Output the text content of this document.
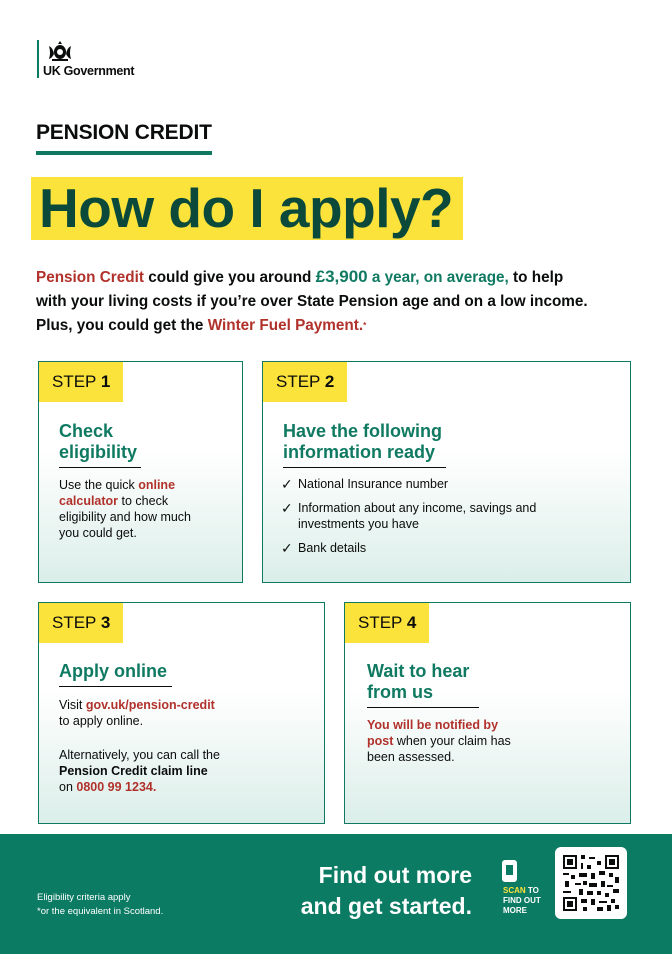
UK Government
PENSION CREDIT
How do I apply?

Pension Credit could give you around £3,900 a year, on average, to help with your living costs if you’re over State Pension age and on a low income. Plus, you could get the Winter Fuel Payment.*

STEP 1
Check
eligibility

Use the quick online calculator to check eligibility and how much you could get.

STEP 2
Have the following
information ready
✓ National Insurance number
✓ Information about any income, savings and investments you have
✓ Bank details
STEP 3
Apply online
Visit gov.uk/pension-credit
to apply online.
Alternatively, you can call the
Pension Credit claim line
on 0800 99 1234.
STEP 4
Wait to hear
from us

You will be notified by post when your claim has been assessed.

Eligibility criteria apply
*or the equivalent in Scotland.
Find out more
and get started.
SCAN TO FIND OUT MORE
